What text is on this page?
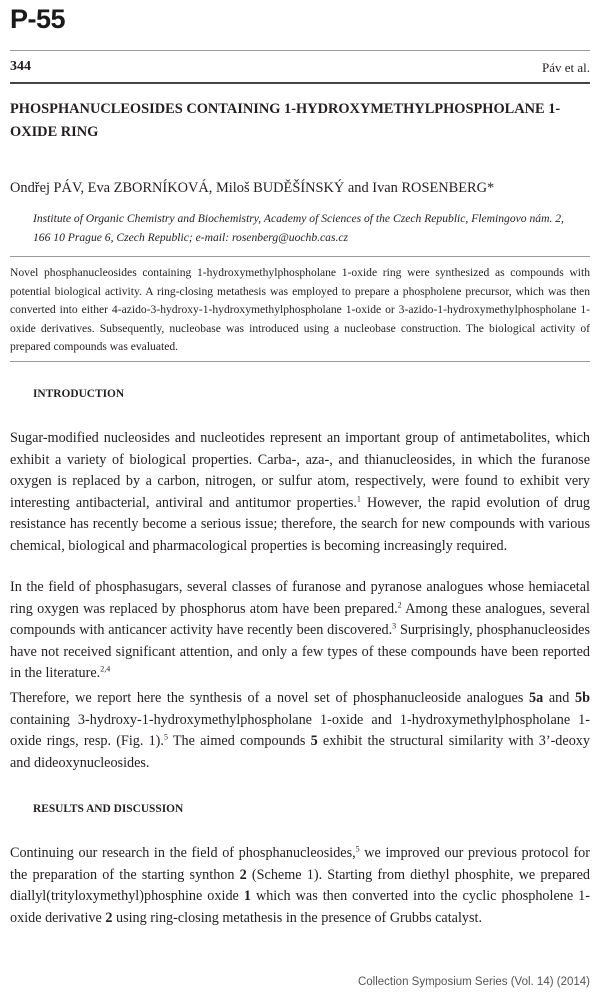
P-55
344	Páv et al.
PHOSPHANUCLEOSIDES CONTAINING 1-HYDROXYMETHYLPHOSPHOLANE 1-OXIDE RING
Ondřej PÁV, Eva ZBORNÍKOVÁ, Miloš BUDĚŠÍNSKÝ and Ivan ROSENBERG*
Institute of Organic Chemistry and Biochemistry, Academy of Sciences of the Czech Republic, Flemingovo nám. 2, 166 10 Prague 6, Czech Republic; e-mail: rosenberg@uochb.cas.cz
Novel phosphanucleosides containing 1-hydroxymethylphospholane 1-oxide ring were synthesized as compounds with potential biological activity. A ring-closing metathesis was employed to prepare a phospholene precursor, which was then converted into either 4-azido-3-hydroxy-1-hydroxymethylphospholane 1-oxide or 3-azido-1-hydroxymethylphospholane 1-oxide derivatives. Subsequently, nucleobase was introduced using a nucleobase construction. The biological activity of prepared compounds was evaluated.
INTRODUCTION

Sugar-modified nucleosides and nucleotides represent an important group of antimetabolites, which exhibit a variety of biological properties. Carba-, aza-, and thianucleosides, in which the furanose oxygen is replaced by a carbon, nitrogen, or sulfur atom, respectively, were found to exhibit very interesting antibacterial, antiviral and antitumor properties.$^1$ However, the rapid evolution of drug resistance has recently become a serious issue; therefore, the search for new compounds with various chemical, biological and pharmacological properties is becoming increasingly required.

In the field of phosphasugars, several classes of furanose and pyranose analogues whose hemiacetal ring oxygen was replaced by phosphorus atom have been prepared.$^2$ Among these analogues, several compounds with anticancer activity have recently been discovered.$^3$ Surprisingly, phosphanucleosides have not received significant attention, and only a few types of these compounds have been reported in the literature.$^{2,4}$

Therefore, we report here the synthesis of a novel set of phosphanucleoside analogues 5a and 5b containing 3-hydroxy-1-hydroxymethylphospholane 1-oxide and 1-hydroxymethylphospholane 1-oxide rings, resp. (Fig. 1).$^5$ The aimed compounds 5 exhibit the structural similarity with 3’-deoxy and dideoxynucleosides.

RESULTS AND DISCUSSION

Continuing our research in the field of phosphanucleosides,$^5$ we improved our previous protocol for the preparation of the starting synthon 2 (Scheme 1). Starting from diethyl phosphite, we prepared diallyl(trityloxymethyl)phosphine oxide 1 which was then converted into the cyclic phospholene 1-oxide derivative 2 using ring-closing metathesis in the presence of Grubbs catalyst.

Collection Symposium Series (Vol. 14) (2014)
